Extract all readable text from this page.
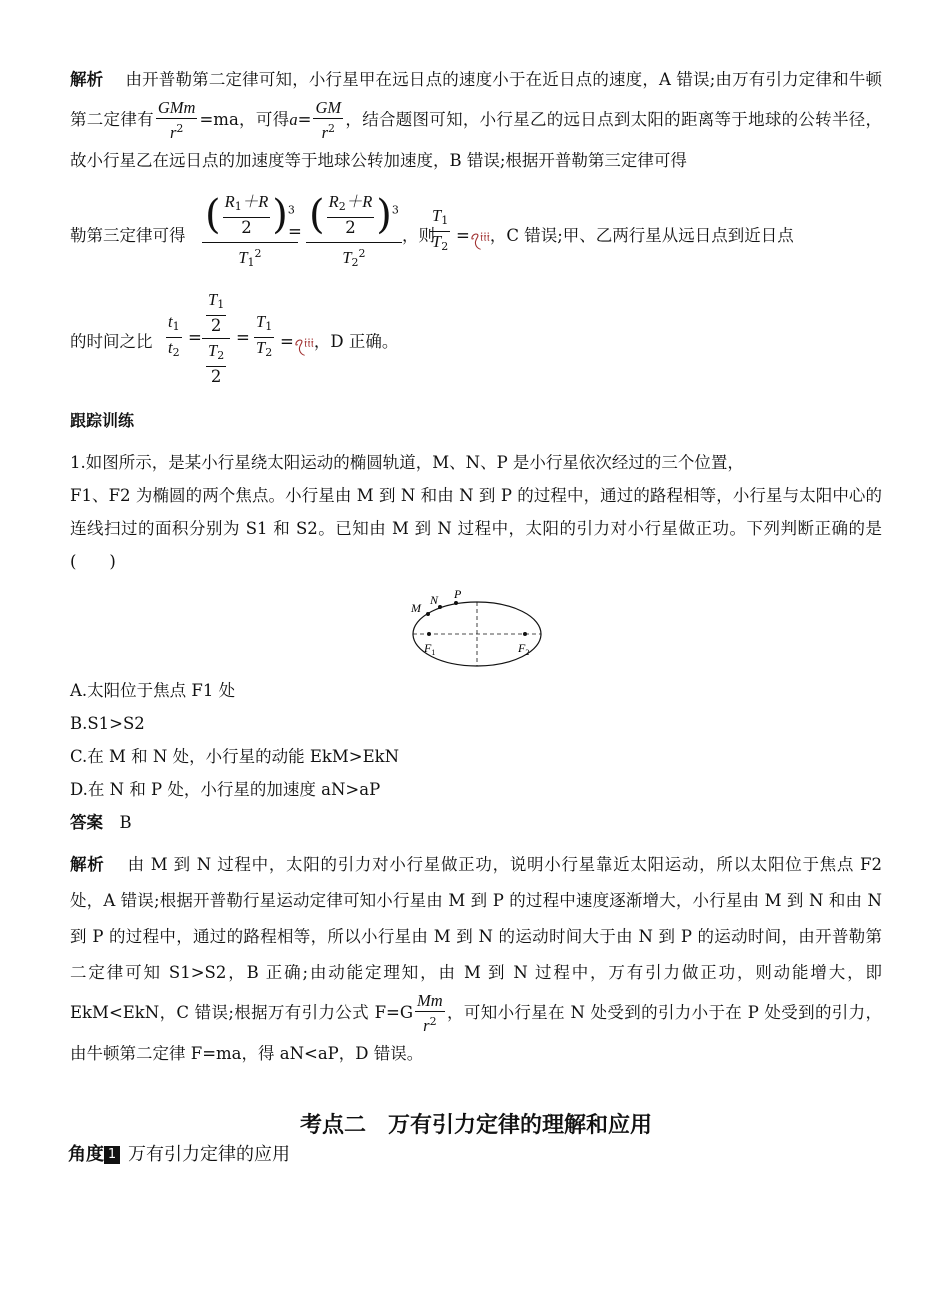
解析　 由开普勒第二定律可知，小行星甲在远日点的速度小于在近日点的速度，A 错误;由万有引力定律和牛顿第二定律有 $\frac{\text{GMm}}{r^2} =ma$，可得$a= \frac{GM}{r^2}$ ，结合题图可知，小行星乙的远日点到太阳的距离等于地球的公转半径，故小行星乙在远日点的加速度等于地球公转加速度，B 错误;根据开普勒第三定律可得

勒第三定律可得 ( $\frac{R_1+R}{2} )^3$
$T_1^2$
= ( $\frac{R_2+R}{2} )^3$
$T_2^2$
，则
$\frac{T_1}{T_2}$ =ꪖ𝔦𝔦𝔦，C 错误;甲、乙两行星从远日点到近日点
的时间之比 $\frac{t_1}{t_2}$ =
$\frac{T_1}{2}$
$\frac{T_2}{2}$
= $\frac{T_1}{T_2}$ =ꪖ𝔦𝔦𝔦，D 正确。
跟踪训练

1.如图所示，是某小行星绕太阳运动的椭圆轨道，M、N、P 是小行星依次经过的三个位置，

F1、F2 为椭圆的两个焦点。小行星由 M 到 N 和由 N 到 P 的过程中，通过的路程相等，小行星与太阳中心的连线扫过的面积分别为 S1 和 S2。已知由 M 到 N 过程中，太阳的引力对小行星做正功。下列判断正确的是(　　)

M
N P
$F_1$	$F_2$

A.太阳位于焦点 F1 处

B.S1>S2

C.在 M 和 N 处，小行星的动能 EkM>EkN

D.在 N 和 P 处，小行星的加速度 aN>aP

答案　 B

解析　 由 M 到 N 过程中，太阳的引力对小行星做正功，说明小行星靠近太阳运动，所以太阳位于焦点 F2 处，A 错误;根据开普勒行星运动定律可知小行星由 M 到 P 的过程中速度逐渐增大，小行星由 M 到 N 和由 N 到 P 的过程中，通过的路程相等，所以小行星由 M 到 N 的运动时间大于由 N 到 P 的运动时间，由开普勒第二定律可知 S1>S2，B 正确;由动能定理知，由 M 到 N 过程中，万有引力做正功，则动能增大，即 EkM<EkN，C 错误;根据万有引力公式 $F=G \frac{Mm}{r^2}$ ，可知小行星在 N 处受到的引力小于在 P 处受到的引力，由牛顿第二定律 F=ma，得 aN<aP，D 错误。

考点二　万有引力定律的理解和应用

角度 1 万有引力定律的应用
